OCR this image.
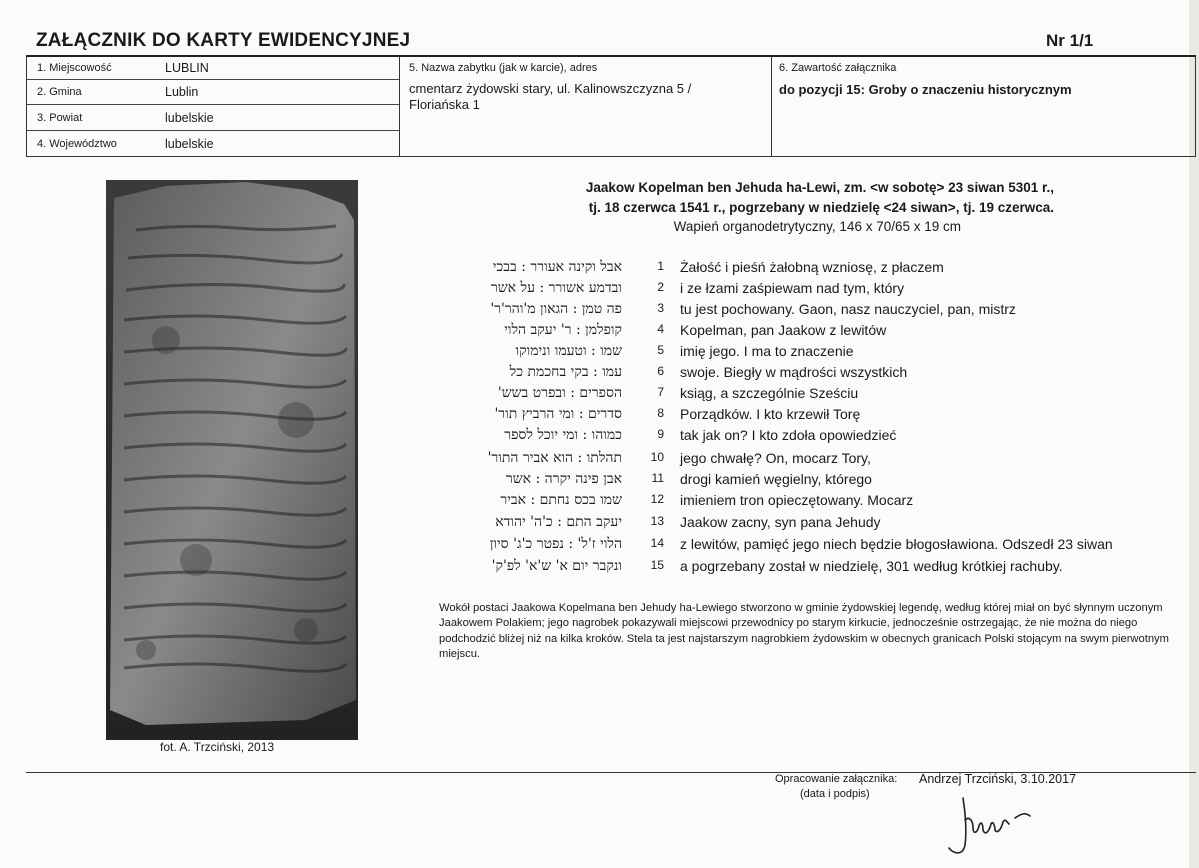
ZAŁĄCZNIK DO KARTY EWIDENCYJNEJ	Nr 1/1
1. Miejscowość	LUBLIN
2. Gmina	Lublin
3. Powiat	lubelskie
4. Województwo	lubelskie
5. Nazwa zabytku (jak w karcie), adres
cmentarz żydowski stary, ul. Kalinowszczyzna 5 /
Floriańska 1
6. Zawartość załącznika
do pozycji 15: Groby o znaczeniu historycznym
fot. A. Trzciński, 2013
Jaakow Kopelman ben Jehuda ha-Lewi, zm. <w sobotę> 23 siwan 5301 r.,
tj. 18 czerwca 1541 r., pogrzebany w niedzielę <24 siwan>, tj. 19 czerwca.
Wapień organodetrytyczny, 146 x 70/65 x 19 cm
אבל וקינה אעורר : בבכי	1 Żałość i pieśń żałobną wzniosę, z płaczem
ובדמע אשורר : על אשר	2 i ze łzami zaśpiewam nad tym, który
פה טמן : הגאון מ'והר'ר'	3 tu jest pochowany. Gaon, nasz nauczyciel, pan, mistrz
קופלמן : ר' יעקב הלוי	4 Kopelman, pan Jaakow z lewitów
שמו : וטעמו ונימוקו	5 imię jego. I ma to znaczenie
עמו : בקי בחכמת כל	6 swoje. Biegły w mądrości wszystkich
הספרים : ובפרט בשש'	7 ksiąg, a szczególnie Sześciu
סדרים : ומי הרביץ תור'	8 Porządków. I kto krzewił Torę
כמוהו : ומי יוכל לספר	9 tak jak on? I kto zdoła opowiedzieć
תהלתו : הוא אביר התור' 10 jego chwałę? On, mocarz Tory,
אבן פינה יקרה : אשר 11 drogi kamień węgielny, którego
שמו בכס נחתם : אביר 12 imieniem tron opieczętowany. Mocarz
יעקב התם : כ'ה' יהודא 13 Jaakow zacny, syn pana Jehudy
הלוי ז'ל' : נפטר כ'ג' סיון 14 z lewitów, pamięć jego niech będzie błogosławiona. Odszedł 23 siwan
ונקבר יום א' ש'א' לפ'ק' 15 a pogrzebany został w niedzielę, 301 według krótkiej rachuby.
Wokół postaci Jaakowa Kopelmana ben Jehudy ha-Lewiego stworzono w gminie żydowskiej legendę, według której miał on być słynnym uczonym Jaakowem Polakiem; jego nagrobek pokazywali miejscowi przewodnicy po starym kirkucie, jednocześnie ostrzegając, że nie można do niego podchodzić bliżej niż na kilka kroków. Stela ta jest najstarszym nagrobkiem żydowskim w obecnych granicach Polski stojącym na swym pierwotnym miejscu.
Opracowanie załącznika:
(data i podpis)
Andrzej Trzciński, 3.10.2017
